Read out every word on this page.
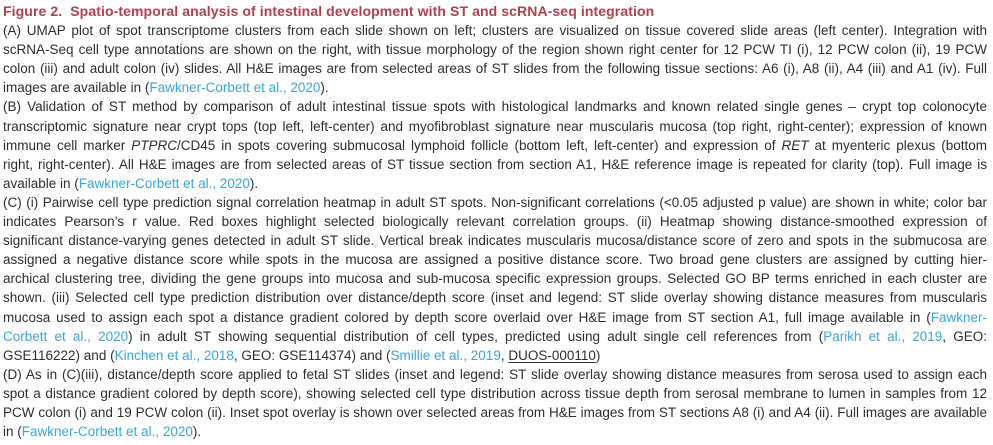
Figure 2.  Spatio-temporal analysis of intestinal development with ST and scRNA-seq integration
(A) UMAP plot of spot transcriptome clusters from each slide shown on left; clusters are visualized on tissue covered slide areas (left center). Integration with
scRNA-Seq cell type annotations are shown on the right, with tissue morphology of the region shown right center for 12 PCW TI (i), 12 PCW colon (ii), 19 PCW
colon (iii) and adult colon (iv) slides. All H&E images are from selected areas of ST slides from the following tissue sections: A6 (i), A8 (ii), A4 (iii) and A1 (iv). Full
images are available in (Fawkner-Corbett et al., 2020).
(B) Validation of ST method by comparison of adult intestinal tissue spots with histological landmarks and known related single genes – crypt top colonocyte
transcriptomic signature near crypt tops (top left, left-center) and myofibroblast signature near muscularis mucosa (top right, right-center); expression of known
immune cell marker PTPRC/CD45 in spots covering submucosal lymphoid follicle (bottom left, left-center) and expression of RET at myenteric plexus (bottom
right, right-center). All H&E images are from selected areas of ST tissue section from section A1, H&E reference image is repeated for clarity (top). Full image is
available in (Fawkner-Corbett et al., 2020).
(C) (i) Pairwise cell type prediction signal correlation heatmap in adult ST spots. Non-significant correlations (<0.05 adjusted p value) are shown in white; color bar
indicates Pearson’s r value. Red boxes highlight selected biologically relevant correlation groups. (ii) Heatmap showing distance-smoothed expression of
significant distance-varying genes detected in adult ST slide. Vertical break indicates muscularis mucosa/distance score of zero and spots in the submucosa are
assigned a negative distance score while spots in the mucosa are assigned a positive distance score. Two broad gene clusters are assigned by cutting hier-
archical clustering tree, dividing the gene groups into mucosa and sub-mucosa specific expression groups. Selected GO BP terms enriched in each cluster are
shown. (iii) Selected cell type prediction distribution over distance/depth score (inset and legend: ST slide overlay showing distance measures from muscularis
mucosa used to assign each spot a distance gradient colored by depth score overlaid over H&E image from ST section A1, full image available in (Fawkner-
Corbett et al., 2020) in adult ST showing sequential distribution of cell types, predicted using adult single cell references from (Parikh et al., 2019, GEO:
GSE116222) and (Kinchen et al., 2018, GEO: GSE114374) and (Smillie et al., 2019, DUOS-000110)
(D) As in (C)(iii), distance/depth score applied to fetal ST slides (inset and legend: ST slide overlay showing distance measures from serosa used to assign each
spot a distance gradient colored by depth score), showing selected cell type distribution across tissue depth from serosal membrane to lumen in samples from 12
PCW colon (i) and 19 PCW colon (ii). Inset spot overlay is shown over selected areas from H&E images from ST sections A8 (i) and A4 (ii). Full images are available
in (Fawkner-Corbett et al., 2020).
